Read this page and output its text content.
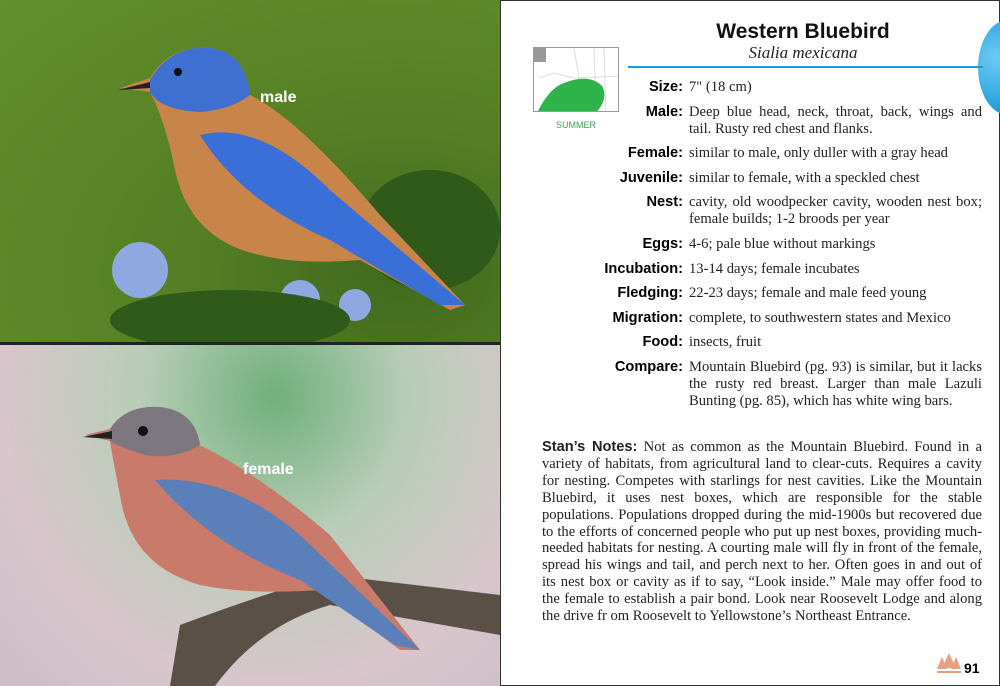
male
female
Western Bluebird
Sialia mexicana
SUMMER
Size: 7" (18 cm)
Male: Deep blue head, neck, throat, back, wings and tail. Rusty red chest and flanks.
Female: similar to male, only duller with a gray head
Juvenile: similar to female, with a speckled chest
Nest: cavity, old woodpecker cavity, wooden nest box; female builds; 1-2 broods per year
Eggs: 4-6; pale blue without markings
Incubation: 13-14 days; female incubates
Fledging: 22-23 days; female and male feed young
Migration: complete, to southwestern states and Mexico
Food: insects, fruit
Compare: Mountain Bluebird (pg. 93) is similar, but it lacks the rusty red breast. Larger than male Lazuli Bunting (pg. 85), which has white wing bars.
Stan’s Notes: Not as common as the Mountain Bluebird. Found in a variety of habitats, from agricultural land to clear-cuts. Requires a cavity for nesting. Competes with starlings for nest cavities. Like the Mountain Bluebird, it uses nest boxes, which are responsible for the stable populations. Populations dropped during the mid-1900s but recovered due to the efforts of concerned people who put up nest boxes, providing much-needed habitats for nesting. A courting male will fly in front of the female, spread his wings and tail, and perch next to her. Often goes in and out of its nest box or cavity as if to say, “Look inside.” Male may offer food to the female to establish a pair bond. Look near Roosevelt Lodge and along the drive fr om Roosevelt to Yellowstone’s Northeast Entrance.
91
